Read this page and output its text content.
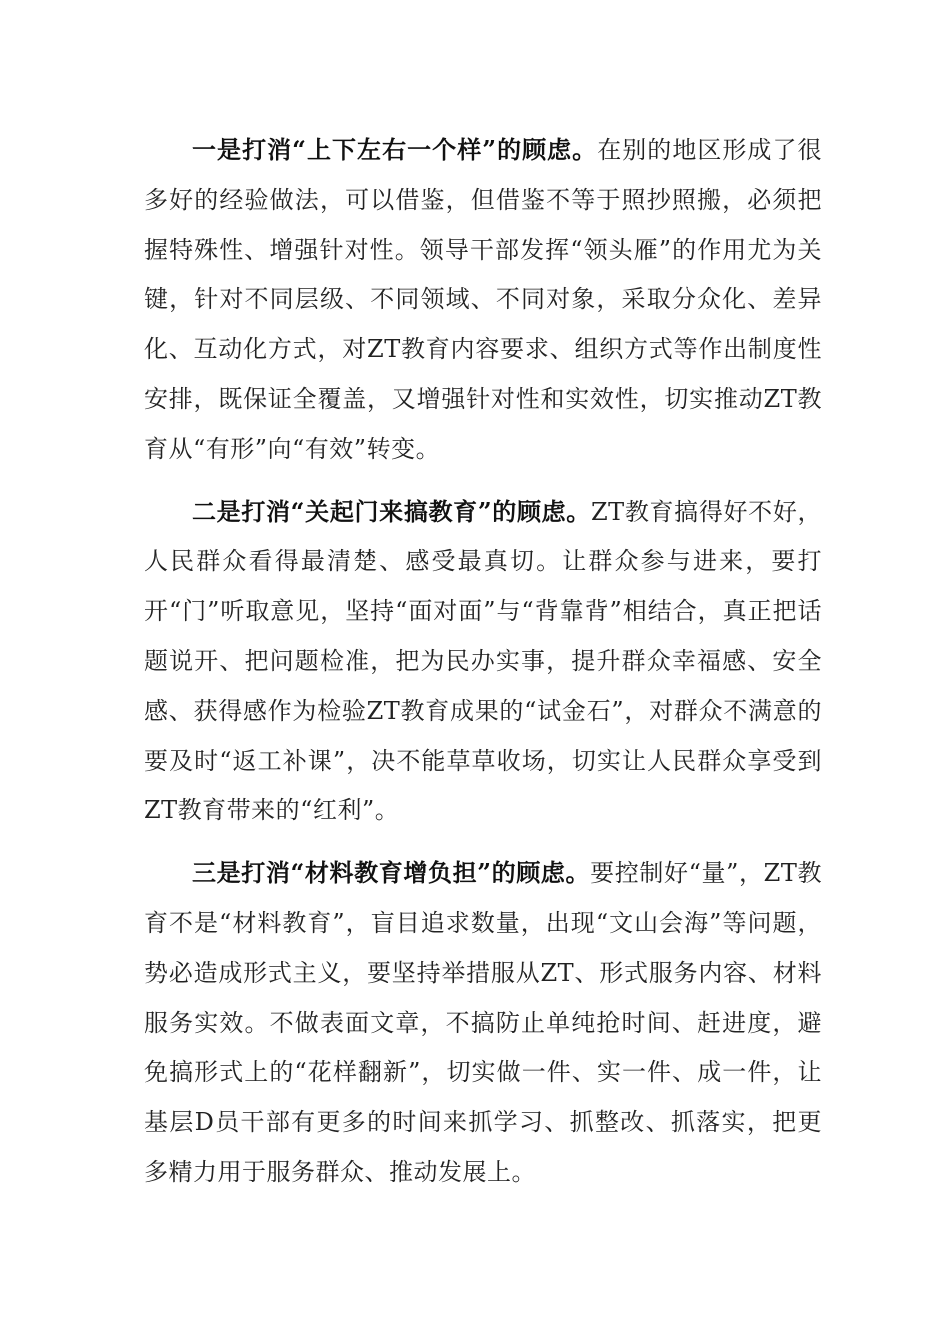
一是打消“上下左右一个样”的顾虑。在别的地区形成了很多好的经验做法，可以借鉴，但借鉴不等于照抄照搬，必须把握特殊性、增强针对性。领导干部发挥“领头雁”的作用尤为关键，针对不同层级、不同领域、不同对象，采取分众化、差异化、互动化方式，对ZT教育内容要求、组织方式等作出制度性安排，既保证全覆盖，又增强针对性和实效性，切实推动ZT教育从“有形”向“有效”转变。

二是打消“关起门来搞教育”的顾虑。ZT教育搞得好不好，人民群众看得最清楚、感受最真切。让群众参与进来，要打开“门”听取意见，坚持“面对面”与“背靠背”相结合，真正把话题说开、把问题检准，把为民办实事，提升群众幸福感、安全感、获得感作为检验ZT教育成果的“试金石”，对群众不满意的要及时“返工补课”，决不能草草收场，切实让人民群众享受到ZT教育带来的“红利”。

三是打消“材料教育增负担”的顾虑。要控制好“量”，ZT教育不是“材料教育”，盲目追求数量，出现“文山会海”等问题，势必造成形式主义，要坚持举措服从ZT、形式服务内容、材料服务实效。不做表面文章，不搞防止单纯抢时间、赶进度，避免搞形式上的“花样翻新”，切实做一件、实一件、成一件，让基层D员干部有更多的时间来抓学习、抓整改、抓落实，把更多精力用于服务群众、推动发展上。
